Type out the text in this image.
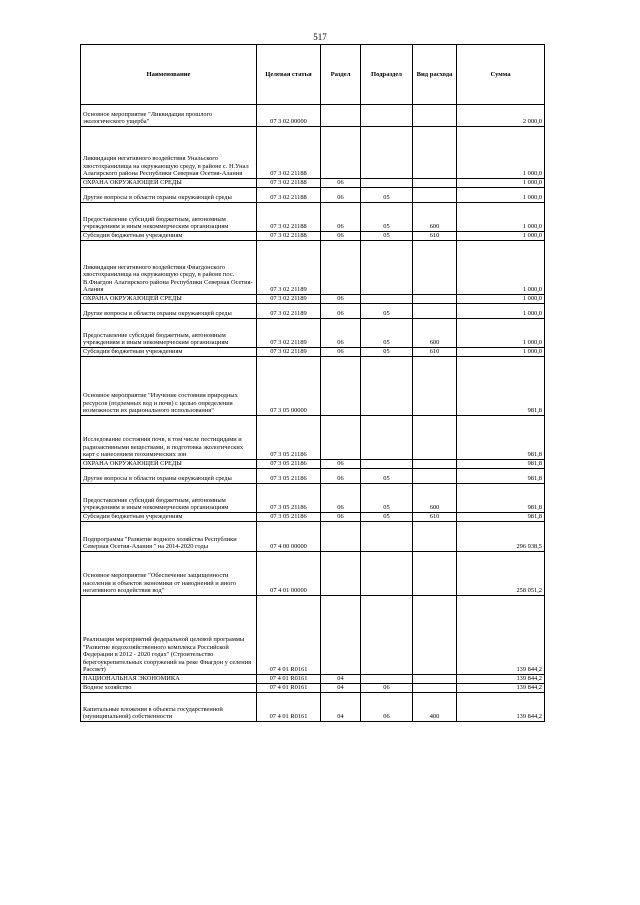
517
Наименование	Целевая статья	Раздел	Подраздел	Вид расхода	Сумма
Основное мероприятие "Ликвидация прошлого экологического ущерба"	07 3 02 00000				2 000,0
Ликвидация негативного воздействия Унальского хвостохранилища на окружающую среду, в районе с. Н.Унал Алагирского района Республики Северная Осетия-Алания	07 3 02 21188				1 000,0
ОХРАНА ОКРУЖАЮЩЕЙ СРЕДЫ	07 3 02 21188	06			1 000,0
Другие вопросы в области охраны окружающей среды	07 3 02 21188	06	05		1 000,0
Предоставление субсидий бюджетным, автономным учреждениям и иным некоммерческим организациям	07 3 02 21188	06	05	600	1 000,0
Субсидии бюджетным учреждениям	07 3 02 21188	06	05	610	1 000,0
Ликвидация негативного воздействия Фиагдонского хвостохранилища на окружающую среду, в районе пос. В.Фиагдон Алагирского района Республики Северная Осетия-Алания	07 3 02 21189				1 000,0
ОХРАНА ОКРУЖАЮЩЕЙ СРЕДЫ	07 3 02 21189	06			1 000,0
Другие вопросы в области охраны окружающей среды	07 3 02 21189	06	05		1 000,0
Предоставление субсидий бюджетным, автономным учреждениям и иным некоммерческим организациям	07 3 02 21189	06	05	600	1 000,0
Субсидии бюджетным учреждениям	07 3 02 21189	06	05	610	1 000,0
Основное мероприятие "Изучение состояния природных ресурсов (подземных вод и почв) с целью определения возможности их рационального использования"	07 3 05 00000				981,8
Исследование состояния почв, в том числе пестицидами и радиоактивными веществами, и подготовка экологических карт с нанесением геохимических зон	07 3 05 21186				981,8
ОХРАНА ОКРУЖАЮЩЕЙ СРЕДЫ	07 3 05 21186	06			981,8
Другие вопросы в области охраны окружающей среды	07 3 05 21186	06	05		981,8
Предоставление субсидий бюджетным, автономным учреждениям и иным некоммерческим организациям	07 3 05 21186	06	05	600	981,8
Субсидии бюджетным учреждениям	07 3 05 21186	06	05	610	981,8
Подпрограмма "Развитие водного хозяйства Республики Северная Осетия-Алания " на 2014-2020 годы	07 4 00 00000				296 938,5
Основное мероприятие "Обеспечение защищенности населения и объектов экономики от наводнений и иного негативного воздействия вод"	07 4 01 00000				258 051,2
Реализация мероприятий федеральной целевой программы "Развитие водохозяйственного комплекса Российской Федерации в 2012 - 2020 годах" (Строительство берегоукрепительных сооружений на реке Фиагдон у селения Рассвет)	07 4 01 R0161				139 844,2
НАЦИОНАЛЬНАЯ ЭКОНОМИКА	07 4 01 R0161	04			139 844,2
Водное хозяйство	07 4 01 R0161	04	06		139 844,2
Капитальные вложения в объекты государственной (муниципальной) собственности	07 4 01 R0161	04	06	400	139 844,2
